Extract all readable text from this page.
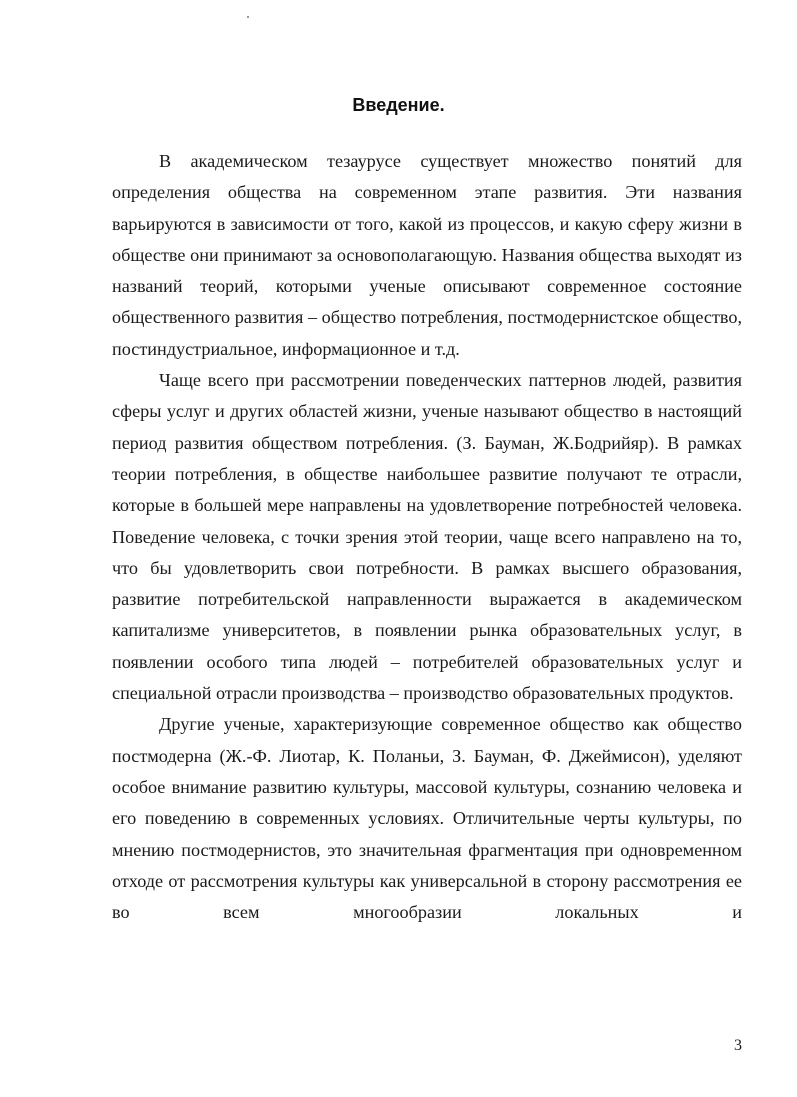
Введение.

В академическом тезаурусе существует множество понятий для определения общества на современном этапе развития. Эти названия варьируются в зависимости от того, какой из процессов, и какую сферу жизни в обществе они принимают за основополагающую. Названия общества выходят из названий теорий, которыми ученые описывают современное состояние общественного развития – общество потребления, постмодернистское общество, постиндустриальное, информационное и т.д.

Чаще всего при рассмотрении поведенческих паттернов людей, развития сферы услуг и других областей жизни, ученые называют общество в настоящий период развития обществом потребления. (З. Бауман, Ж.Бодрийяр). В рамках теории потребления, в обществе наибольшее развитие получают те отрасли, которые в большей мере направлены на удовлетворение потребностей человека. Поведение человека, с точки зрения этой теории, чаще всего направлено на то, что бы удовлетворить свои потребности. В рамках высшего образования, развитие потребительской направленности выражается в академическом капитализме университетов, в появлении рынка образовательных услуг, в появлении особого типа людей – потребителей образовательных услуг и специальной отрасли производства – производство образовательных продуктов.

Другие ученые, характеризующие современное общество как общество постмодерна (Ж.-Ф. Лиотар, К. Поланьи, З. Бауман, Ф. Джеймисон), уделяют особое внимание развитию культуры, массовой культуры, сознанию человека и его поведению в современных условиях. Отличительные черты культуры, по мнению постмодернистов, это значительная фрагментация при одновременном отходе от рассмотрения культуры как универсальной в сторону рассмотрения ее во всем многообразии локальных и

3
